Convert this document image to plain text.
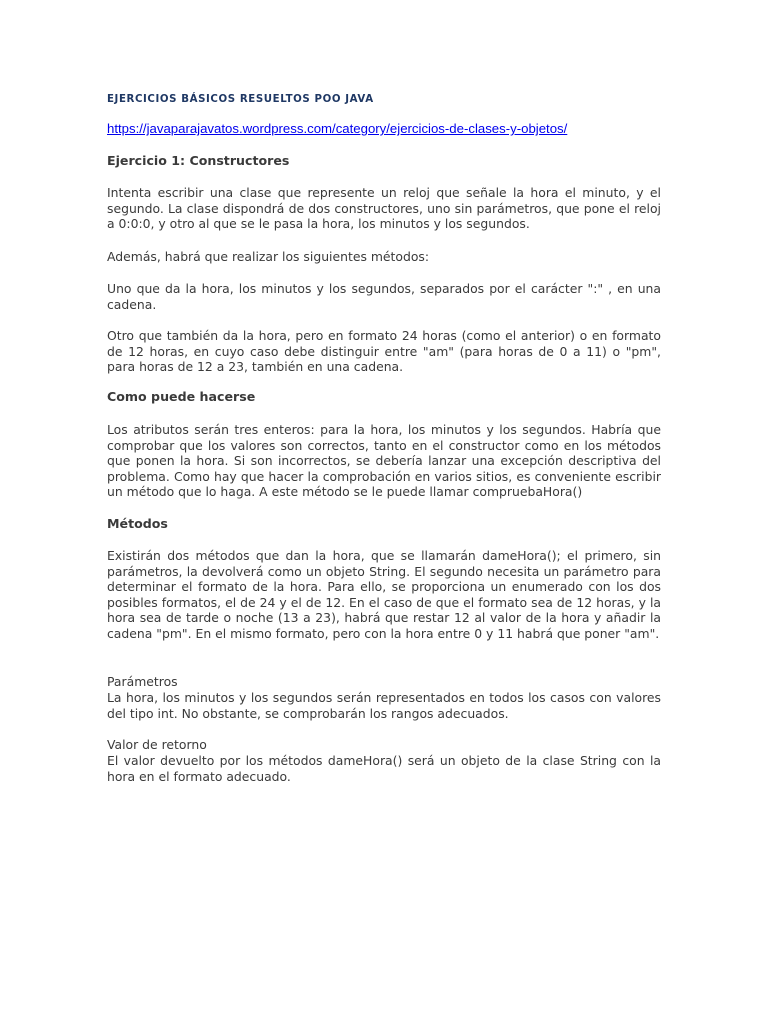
EJERCICIOS BÁSICOS RESUELTOS POO JAVA
https://javaparajavatos.wordpress.com/category/ejercicios-de-clases-y-objetos/
Ejercicio 1: Constructores

Intenta escribir una clase que represente un reloj que señale la hora el minuto, y el segundo. La clase dispondrá de dos constructores, uno sin parámetros, que pone el reloj a 0:0:0, y otro al que se le pasa la hora, los minutos y los segundos.

Además, habrá que realizar los siguientes métodos:

Uno que da la hora, los minutos y los segundos, separados por el carácter ":" , en una cadena.

Otro que también da la hora, pero en formato 24 horas (como el anterior) o en formato de 12 horas, en cuyo caso debe distinguir entre "am" (para horas de 0 a 11) o "pm", para horas de 12 a 23, también en una cadena.

Como puede hacerse

Los atributos serán tres enteros: para la hora, los minutos y los segundos. Habría que comprobar que los valores son correctos, tanto en el constructor como en los métodos que ponen la hora. Si son incorrectos, se debería lanzar una excepción descriptiva del problema. Como hay que hacer la comprobación en varios sitios, es conveniente escribir un método que lo haga. A este método se le puede llamar compruebaHora()

Métodos

Existirán dos métodos que dan la hora, que se llamarán dameHora(); el primero, sin parámetros, la devolverá como un objeto String. El segundo necesita un parámetro para determinar el formato de la hora. Para ello, se proporciona un enumerado con los dos posibles formatos, el de 24 y el de 12. En el caso de que el formato sea de 12 horas, y la hora sea de tarde o noche (13 a 23), habrá que restar 12 al valor de la hora y añadir la cadena "pm". En el mismo formato, pero con la hora entre 0 y 11 habrá que poner "am".

Parámetros

La hora, los minutos y los segundos serán representados en todos los casos con valores del tipo int. No obstante, se comprobarán los rangos adecuados.

Valor de retorno

El valor devuelto por los métodos dameHora() será un objeto de la clase String con la hora en el formato adecuado.
